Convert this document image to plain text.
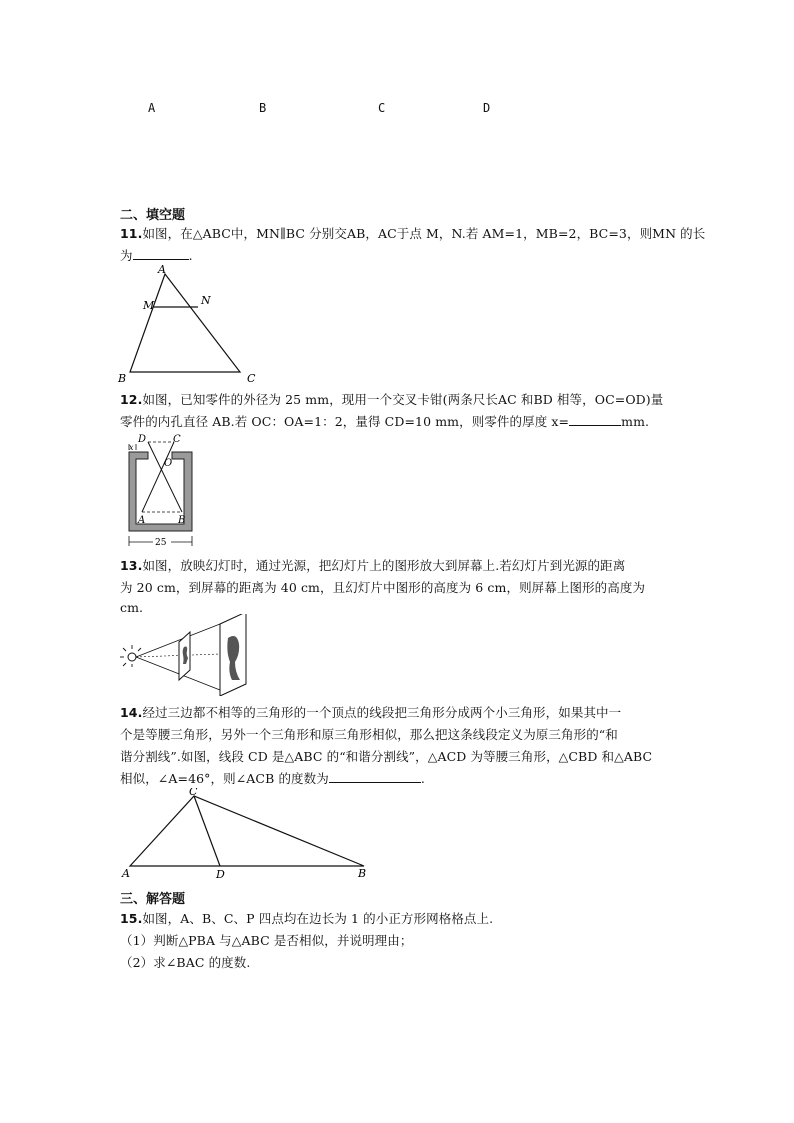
A	B	C	D
二、填空题
11.如图，在△ABC中，MN∥BC 分别交AB，AC于点 M，N.若 AM=1，MB=2，BC=3，则MN 的长
为	.
A
M	N
B	C
12.如图，已知零件的外径为 25 mm，现用一个交叉卡钳(两条尺长AC 和BD 相等，OC=OD)量
零件的内孔直径 AB.若 OC：OA=1：2，量得 CD=10 mm，则零件的厚度 x=	mm.
x
25
D	C
O
A	B
13.如图，放映幻灯时，通过光源，把幻灯片上的图形放大到屏幕上.若幻灯片到光源的距离
为 20 cm，到屏幕的距离为 40 cm，且幻灯片中图形的高度为 6 cm，则屏幕上图形的高度为
cm.
14.经过三边都不相等的三角形的一个顶点的线段把三角形分成两个小三角形，如果其中一
个是等腰三角形，另外一个三角形和原三角形相似，那么把这条线段定义为原三角形的“和
谐分割线”.如图，线段 CD 是△ABC 的“和谐分割线”，△ACD 为等腰三角形，△CBD 和△ABC
相似，∠A=46°，则∠ACB 的度数为	.
A
C
D	B
三、解答题
15.如图，A、B、C、P 四点均在边长为 1 的小正方形网格格点上.
（1）判断△PBA 与△ABC 是否相似，并说明理由；
（2）求∠BAC 的度数.
